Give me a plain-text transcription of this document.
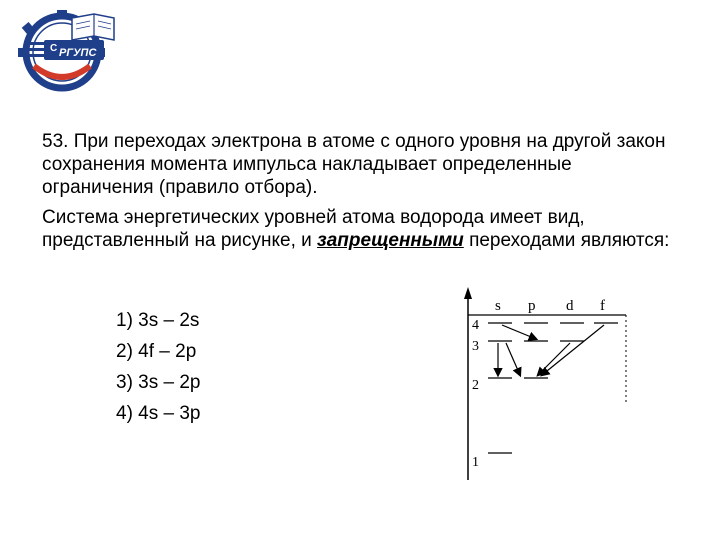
С РГУПС

53. При переходах электрона в атоме с одного уровня на другой закон сохранения момента импульса накладывает определенные ограничения (правило отбора).

Система энергетических уровней атома водорода имеет вид, представленный на рисунке, и запрещенными переходами являются:

1) 3s – 2s
2) 4f – 2p
3) 3s – 2p
4) 4s – 3p
s p d f
4
3
2
1
